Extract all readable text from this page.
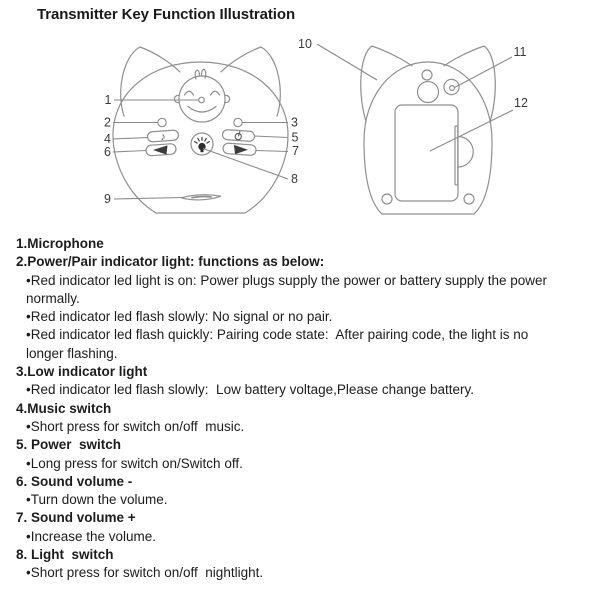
Transmitter Key Function Illustration
♪
1
2	3
4	5
6	7
8
9
10
11
12
1.Microphone
2.Power/Pair indicator light: functions as below:
•Red indicator led light is on: Power plugs supply the power or battery supply the power
normally.
•Red indicator led flash slowly: No signal or no pair.
•Red indicator led flash quickly: Pairing code state:  After pairing code, the light is no
longer flashing.
3.Low indicator light
•Red indicator led flash slowly:  Low battery voltage,Please change battery.
4.Music switch
•Short press for switch on/off  music.
5. Power  switch
•Long press for switch on/Switch off.
6. Sound volume -
•Turn down the volume.
7. Sound volume +
•Increase the volume.
8. Light  switch
•Short press for switch on/off  nightlight.
